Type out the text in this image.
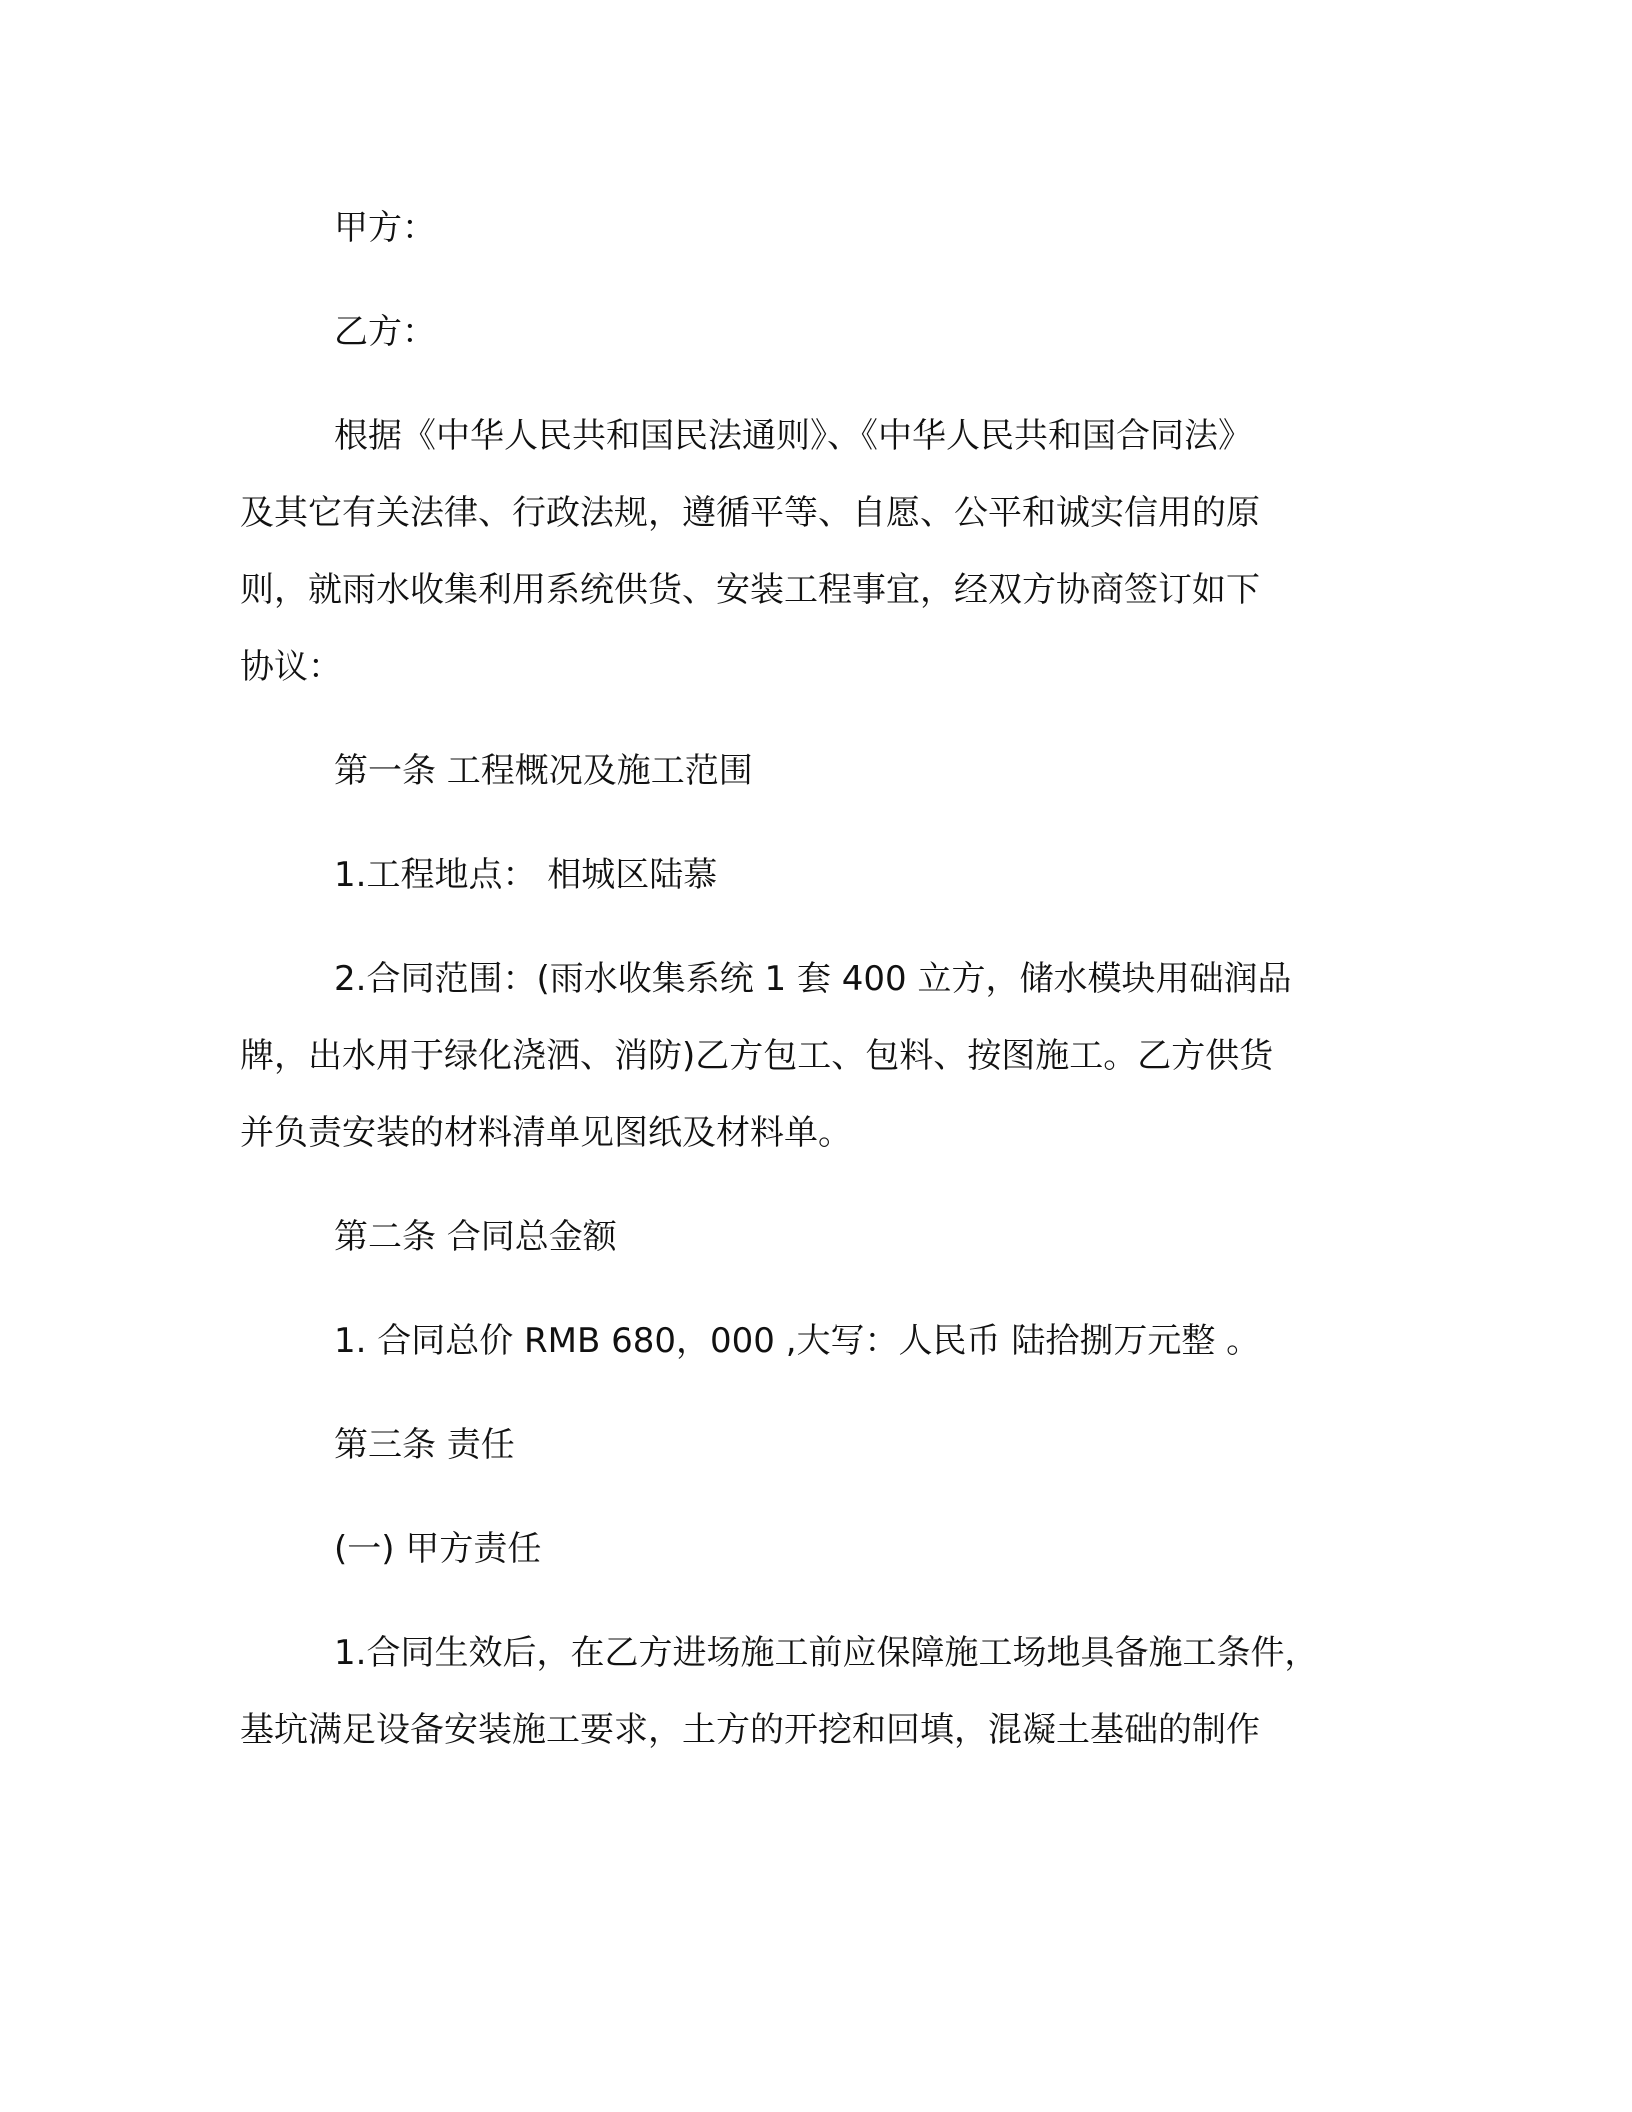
甲方：

乙方：

根据《中华人民共和国民法通则》、《中华人民共和国合同法》

及其它有关法律、行政法规，遵循平等、自愿、公平和诚实信用的原

则，就雨水收集利用系统供货、安装工程事宜，经双方协商签订如下

协议：

第一条 工程概况及施工范围

1.工程地点： 相城区陆慕

2.合同范围：(雨水收集系统 1 套 400 立方，储水模块用础润品

牌，出水用于绿化浇洒、消防)乙方包工、包料、按图施工。乙方供货

并负责安装的材料清单见图纸及材料单。

第二条 合同总金额

1. 合同总价 RMB 680，000 ,大写：人民币 陆拾捌万元整 。

第三条 责任

(一) 甲方责任

1.合同生效后，在乙方进场施工前应保障施工场地具备施工条件，

基坑满足设备安装施工要求，土方的开挖和回填，混凝土基础的制作
